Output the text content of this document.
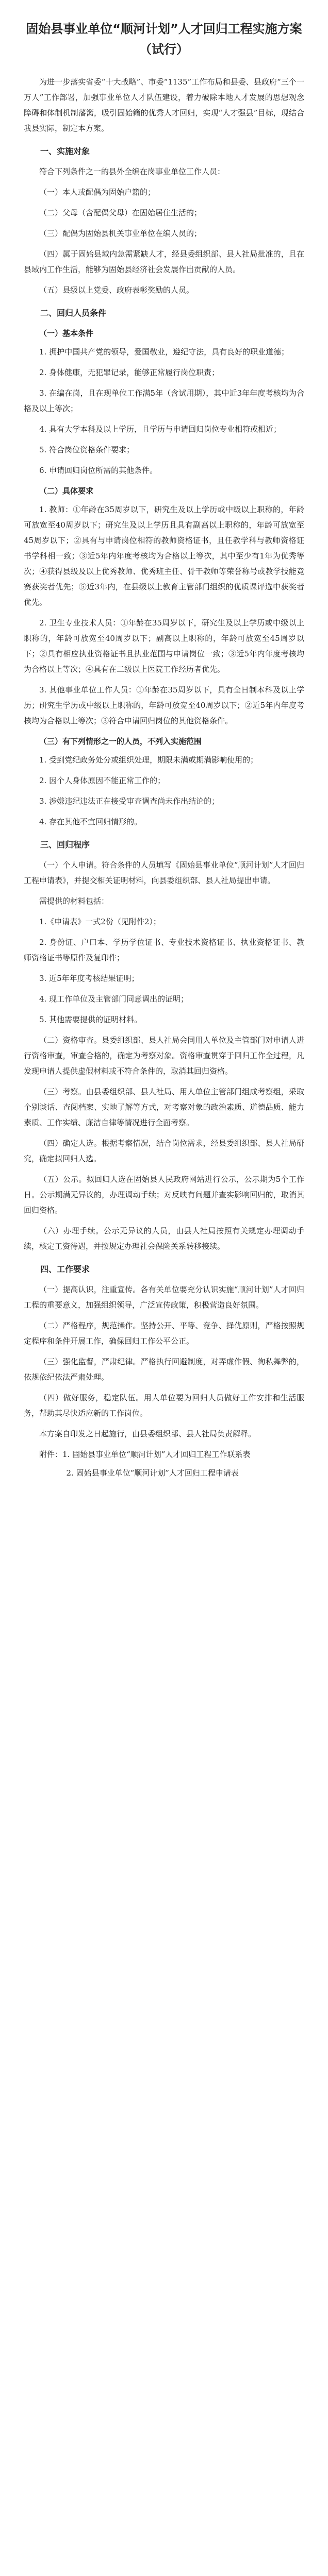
固始县事业单位“顺河计划”人才回归工程实施方案（试行）
为进一步落实省委“十大战略”、市委“1135”工作布局和县委、县政府“三个一万人”工作部署，加强事业单位人才队伍建设，着力破除本地人才发展的思想观念障碍和体制机制藩篱，吸引固始籍的优秀人才回归，实现“人才强县”目标，现结合我县实际，制定本方案。
一、实施对象
符合下列条件之一的县外全编在岗事业单位工作人员：
（一）本人或配偶为固始户籍的；
（二）父母（含配偶父母）在固始居住生活的；
（三）配偶为固始县机关事业单位在编人员的；
（四）属于固始县域内急需紧缺人才，经县委组织部、县人社局批准的，且在县域内工作生活，能够为固始县经济社会发展作出贡献的人员。
（五）县级以上党委、政府表彰奖励的人员。
二、回归人员条件
（一）基本条件
1. 拥护中国共产党的领导，爱国敬业，遵纪守法，具有良好的职业道德；
2. 身体健康，无犯罪记录，能够正常履行岗位职责；
3. 在编在岗，且在现单位工作满5年（含试用期），其中近3年年度考核均为合格及以上等次；
4. 具有大学本科及以上学历，且学历与申请回归岗位专业相符或相近；
5. 符合岗位资格条件要求；
6. 申请回归岗位所需的其他条件。
（二）具体要求
1. 教师：①年龄在35周岁以下，研究生及以上学历或中级以上职称的，年龄可放宽至40周岁以下；研究生及以上学历且具有副高以上职称的，年龄可放宽至45周岁以下；②具有与申请岗位相符的教师资格证书，且任教学科与教师资格证书学科相一致；③近5年内年度考核均为合格以上等次，其中至少有1年为优秀等次；④获得县级及以上优秀教师、优秀班主任、骨干教师等荣誉称号或教学技能竞赛获奖者优先；⑤近3年内，在县级以上教育主管部门组织的优质课评选中获奖者优先。
2. 卫生专业技术人员：①年龄在35周岁以下，研究生及以上学历或中级以上职称的，年龄可放宽至40周岁以下；副高以上职称的，年龄可放宽至45周岁以下；②具有相应执业资格证书且执业范围与申请岗位一致；③近5年内年度考核均为合格以上等次；④具有在二级以上医院工作经历者优先。
3. 其他事业单位工作人员：①年龄在35周岁以下，具有全日制本科及以上学历；研究生学历或中级以上职称的，年龄可放宽至40周岁以下；②近5年内年度考核均为合格以上等次；③符合申请回归岗位的其他资格条件。
（三）有下列情形之一的人员，不列入实施范围
1. 受到党纪政务处分或组织处理，期限未满或期满影响使用的；
2. 因个人身体原因不能正常工作的；
3. 涉嫌违纪违法正在接受审查调查尚未作出结论的；
4. 存在其他不宜回归情形的。
三、回归程序
（一）个人申请。符合条件的人员填写《固始县事业单位“顺河计划”人才回归工程申请表》，并提交相关证明材料，向县委组织部、县人社局提出申请。
需提供的材料包括：
1.《申请表》一式2份（见附件2）；
2. 身份证、户口本、学历学位证书、专业技术资格证书、执业资格证书、教师资格证书等原件及复印件；
3. 近5年年度考核结果证明；
4. 现工作单位及主管部门同意调出的证明；
5. 其他需要提供的证明材料。
（二）资格审查。县委组织部、县人社局会同用人单位及主管部门对申请人进行资格审查，审查合格的，确定为考察对象。资格审查贯穿于回归工作全过程，凡发现申请人提供虚假材料或不符合条件的，取消其回归资格。
（三）考察。由县委组织部、县人社局、用人单位主管部门组成考察组，采取个别谈话、查阅档案、实地了解等方式，对考察对象的政治素质、道德品质、能力素质、工作实绩、廉洁自律等情况进行全面考察。
（四）确定人选。根据考察情况，结合岗位需求，经县委组织部、县人社局研究，确定拟回归人选。
（五）公示。拟回归人选在固始县人民政府网站进行公示，公示期为5个工作日。公示期满无异议的，办理调动手续；对反映有问题并查实影响回归的，取消其回归资格。
（六）办理手续。公示无异议的人员，由县人社局按照有关规定办理调动手续，核定工资待遇，并按规定办理社会保险关系转移接续。
四、工作要求
（一）提高认识，注重宣传。各有关单位要充分认识实施“顺河计划”人才回归工程的重要意义，加强组织领导，广泛宣传政策，积极营造良好氛围。
（二）严格程序，规范操作。坚持公开、平等、竞争、择优原则，严格按照规定程序和条件开展工作，确保回归工作公平公正。
（三）强化监督，严肃纪律。严格执行回避制度，对弄虚作假、徇私舞弊的，依规依纪依法严肃处理。
（四）做好服务，稳定队伍。用人单位要为回归人员做好工作安排和生活服务，帮助其尽快适应新的工作岗位。
本方案自印发之日起施行，由县委组织部、县人社局负责解释。
附件：1. 固始县事业单位“顺河计划”人才回归工程工作联系表
2. 固始县事业单位“顺河计划”人才回归工程申请表
